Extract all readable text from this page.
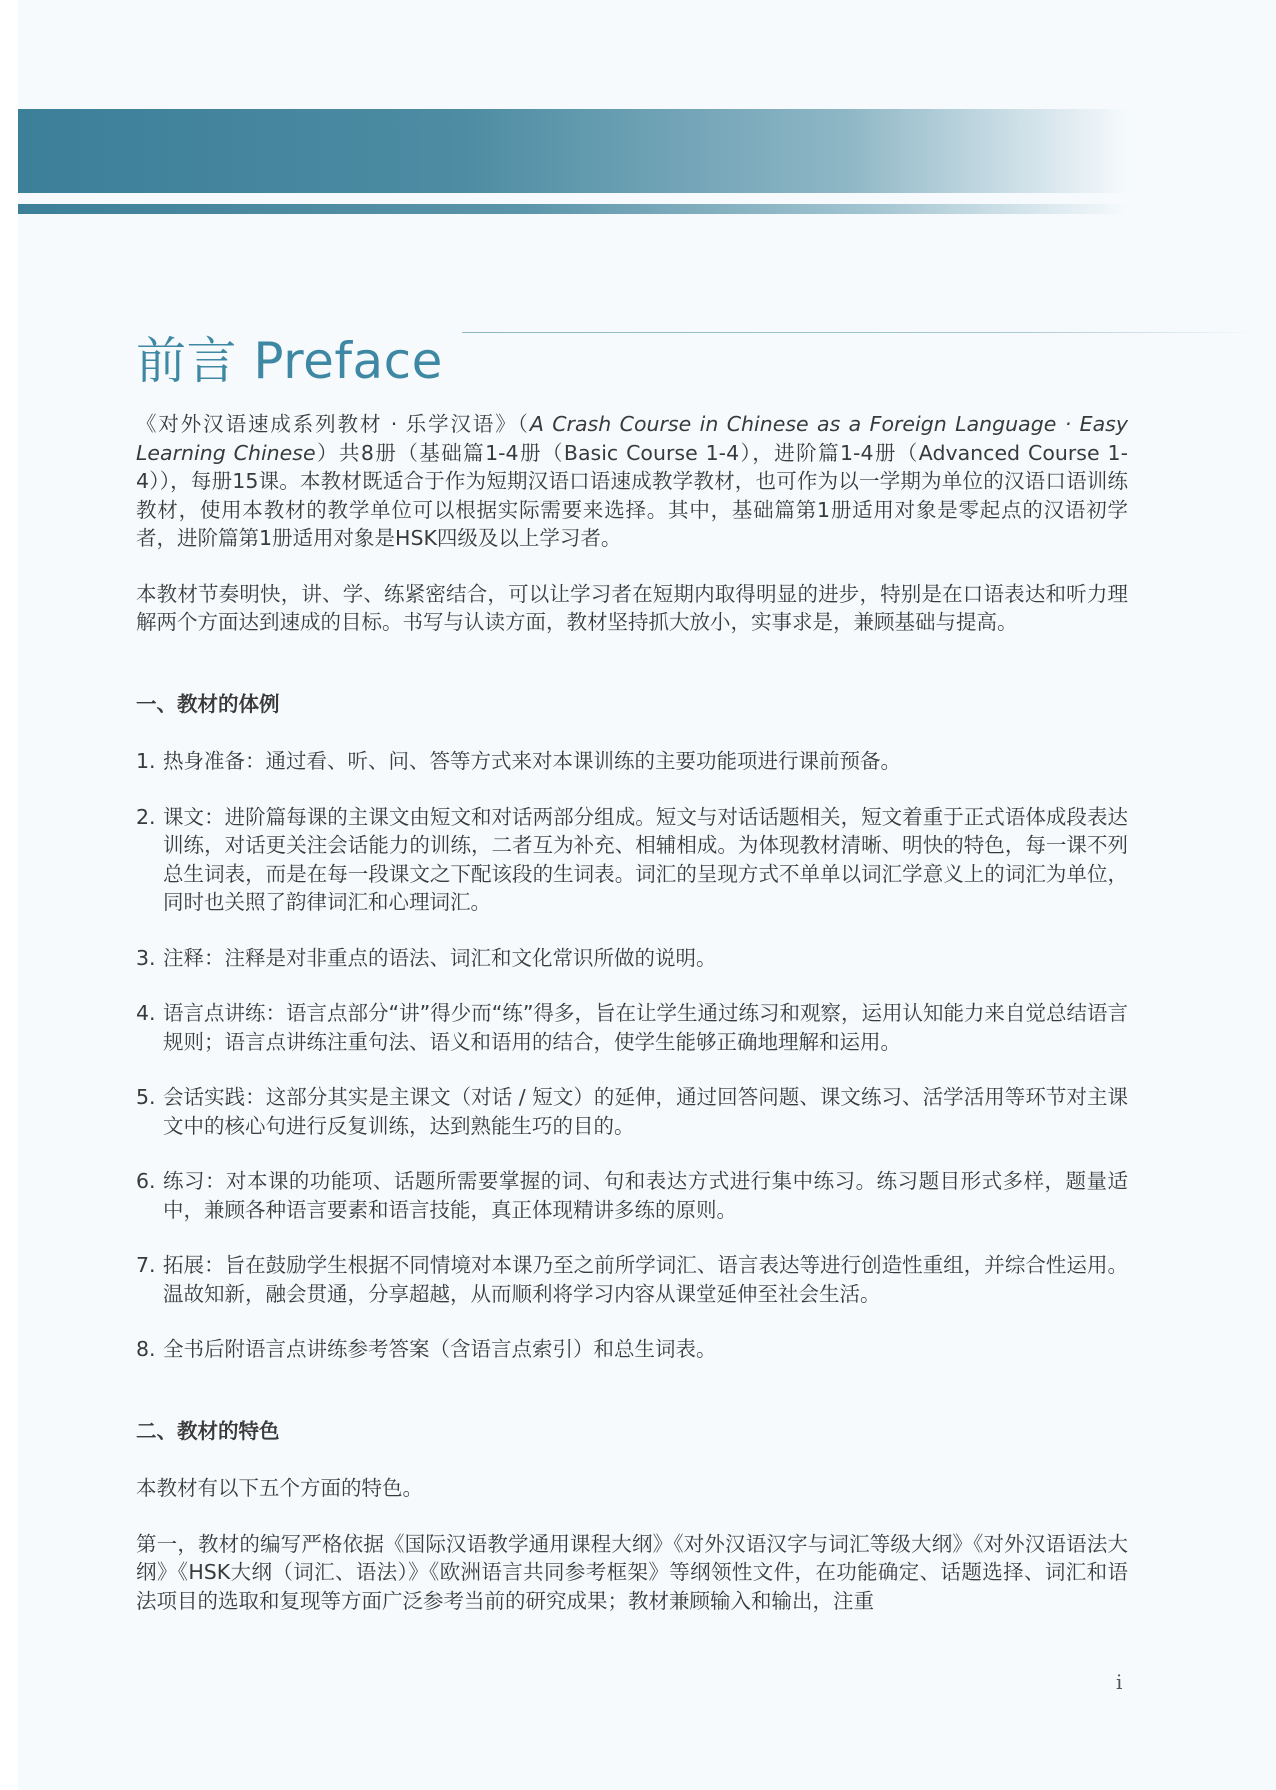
前言 Preface

《对外汉语速成系列教材 · 乐学汉语》（A Crash Course in Chinese as a Foreign Language · Easy Learning Chinese）共8册（基础篇1-4册（Basic Course 1-4），进阶篇1-4册（Advanced Course 1-4）），每册15课。本教材既适合于作为短期汉语口语速成教学教材，也可作为以一学期为单位的汉语口语训练教材，使用本教材的教学单位可以根据实际需要来选择。其中，基础篇第1册适用对象是零起点的汉语初学者，进阶篇第1册适用对象是HSK四级及以上学习者。

本教材节奏明快，讲、学、练紧密结合，可以让学习者在短期内取得明显的进步，特别是在口语表达和听力理解两个方面达到速成的目标。书写与认读方面，教材坚持抓大放小，实事求是，兼顾基础与提高。

一、教材的体例
1. 热身准备：通过看、听、问、答等方式来对本课训练的主要功能项进行课前预备。
2. 课文：进阶篇每课的主课文由短文和对话两部分组成。短文与对话话题相关，短文着重于正式语体成段表达训练，对话更关注会话能力的训练，二者互为补充、相辅相成。为体现教材清晰、明快的特色，每一课不列总生词表，而是在每一段课文之下配该段的生词表。词汇的呈现方式不单单以词汇学意义上的词汇为单位，同时也关照了韵律词汇和心理词汇。
3. 注释：注释是对非重点的语法、词汇和文化常识所做的说明。
4. 语言点讲练：语言点部分“讲”得少而“练”得多，旨在让学生通过练习和观察，运用认知能力来自觉总结语言规则；语言点讲练注重句法、语义和语用的结合，使学生能够正确地理解和运用。
5. 会话实践：这部分其实是主课文（对话 / 短文）的延伸，通过回答问题、课文练习、活学活用等环节对主课文中的核心句进行反复训练，达到熟能生巧的目的。
6. 练习：对本课的功能项、话题所需要掌握的词、句和表达方式进行集中练习。练习题目形式多样，题量适中，兼顾各种语言要素和语言技能，真正体现精讲多练的原则。
7. 拓展：旨在鼓励学生根据不同情境对本课乃至之前所学词汇、语言表达等进行创造性重组，并综合性运用。温故知新，融会贯通，分享超越，从而顺利将学习内容从课堂延伸至社会生活。
8. 全书后附语言点讲练参考答案（含语言点索引）和总生词表。
二、教材的特色

本教材有以下五个方面的特色。

第一，教材的编写严格依据《国际汉语教学通用课程大纲》《对外汉语汉字与词汇等级大纲》《对外汉语语法大纲》《HSK大纲（词汇、语法）》《欧洲语言共同参考框架》等纲领性文件，在功能确定、话题选择、词汇和语法项目的选取和复现等方面广泛参考当前的研究成果；教材兼顾输入和输出，注重

i
